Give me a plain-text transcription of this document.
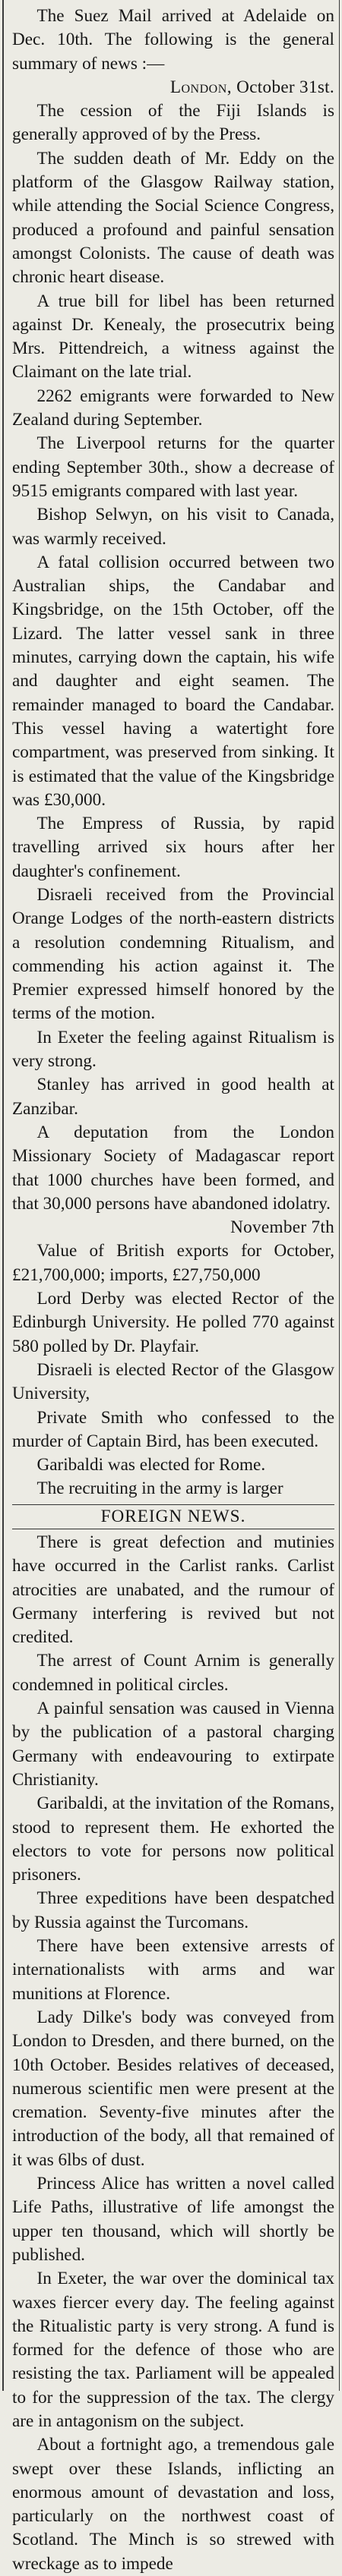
The Suez Mail arrived at Adelaide on Dec. 10th. The following is the general summary of news :—

London, October 31st.

The cession of the Fiji Islands is generally approved of by the Press.

The sudden death of Mr. Eddy on the platform of the Glasgow Railway station, while attending the Social Science Congress, produced a profound and painful sensation amongst Colonists. The cause of death was chronic heart disease.

A true bill for libel has been returned against Dr. Kenealy, the prosecutrix being Mrs. Pittendreich, a witness against the Claimant on the late trial.

2262 emigrants were forwarded to New Zealand during September.

The Liverpool returns for the quarter ending September 30th., show a decrease of 9515 emigrants compared with last year.

Bishop Selwyn, on his visit to Canada, was warmly received.

A fatal collision occurred between two Australian ships, the Candabar and Kingsbridge, on the 15th October, off the Lizard. The latter vessel sank in three minutes, carrying down the captain, his wife and daughter and eight seamen. The remainder managed to board the Candabar. This vessel having a watertight fore compartment, was preserved from sinking. It is estimated that the value of the Kingsbridge was £30,000.

The Empress of Russia, by rapid travelling arrived six hours after her daughter's confinement.

Disraeli received from the Provincial Orange Lodges of the north-eastern districts a resolution condemning Ritualism, and commending his action against it. The Premier expressed himself honored by the terms of the motion.

In Exeter the feeling against Ritualism is very strong.

Stanley has arrived in good health at Zanzibar.

A deputation from the London Missionary Society of Madagascar report that 1000 churches have been formed, and that 30,000 persons have abandoned idolatry.

November 7th

Value of British exports for October, £21,700,000; imports, £27,750,000

Lord Derby was elected Rector of the Edinburgh University. He polled 770 against 580 polled by Dr. Playfair.

Disraeli is elected Rector of the Glasgow University,

Private Smith who confessed to the murder of Captain Bird, has been executed.

Garibaldi was elected for Rome.

The recruiting in the army is larger

FOREIGN NEWS.

There is great defection and mutinies have occurred in the Carlist ranks. Carlist atrocities are unabated, and the rumour of Germany interfering is revived but not credited.

The arrest of Count Arnim is generally condemned in political circles.

A painful sensation was caused in Vienna by the publication of a pastoral charging Germany with endeavouring to extirpate Christianity.

Garibaldi, at the invitation of the Romans, stood to represent them. He exhorted the electors to vote for persons now political prisoners.

Three expeditions have been despatched by Russia against the Turcomans.

There have been extensive arrests of internationalists with arms and war munitions at Florence.

Lady Dilke's body was conveyed from London to Dresden, and there burned, on the 10th October. Besides relatives of deceased, numerous scientific men were present at the cremation. Seventy-five minutes after the introduction of the body, all that remained of it was 6lbs of dust.

Princess Alice has written a novel called Life Paths, illustrative of life amongst the upper ten thousand, which will shortly be published.

In Exeter, the war over the dominical tax waxes fiercer every day. The feeling against the Ritualistic party is very strong. A fund is formed for the defence of those who are resisting the tax. Parliament will be appealed to for the suppression of the tax. The clergy are in antagonism on the subject.

About a fortnight ago, a tremendous gale swept over these Islands, inflicting an enormous amount of devastation and loss, particularly on the northwest coast of Scotland. The Minch is so strewed with wreckage as to impede
